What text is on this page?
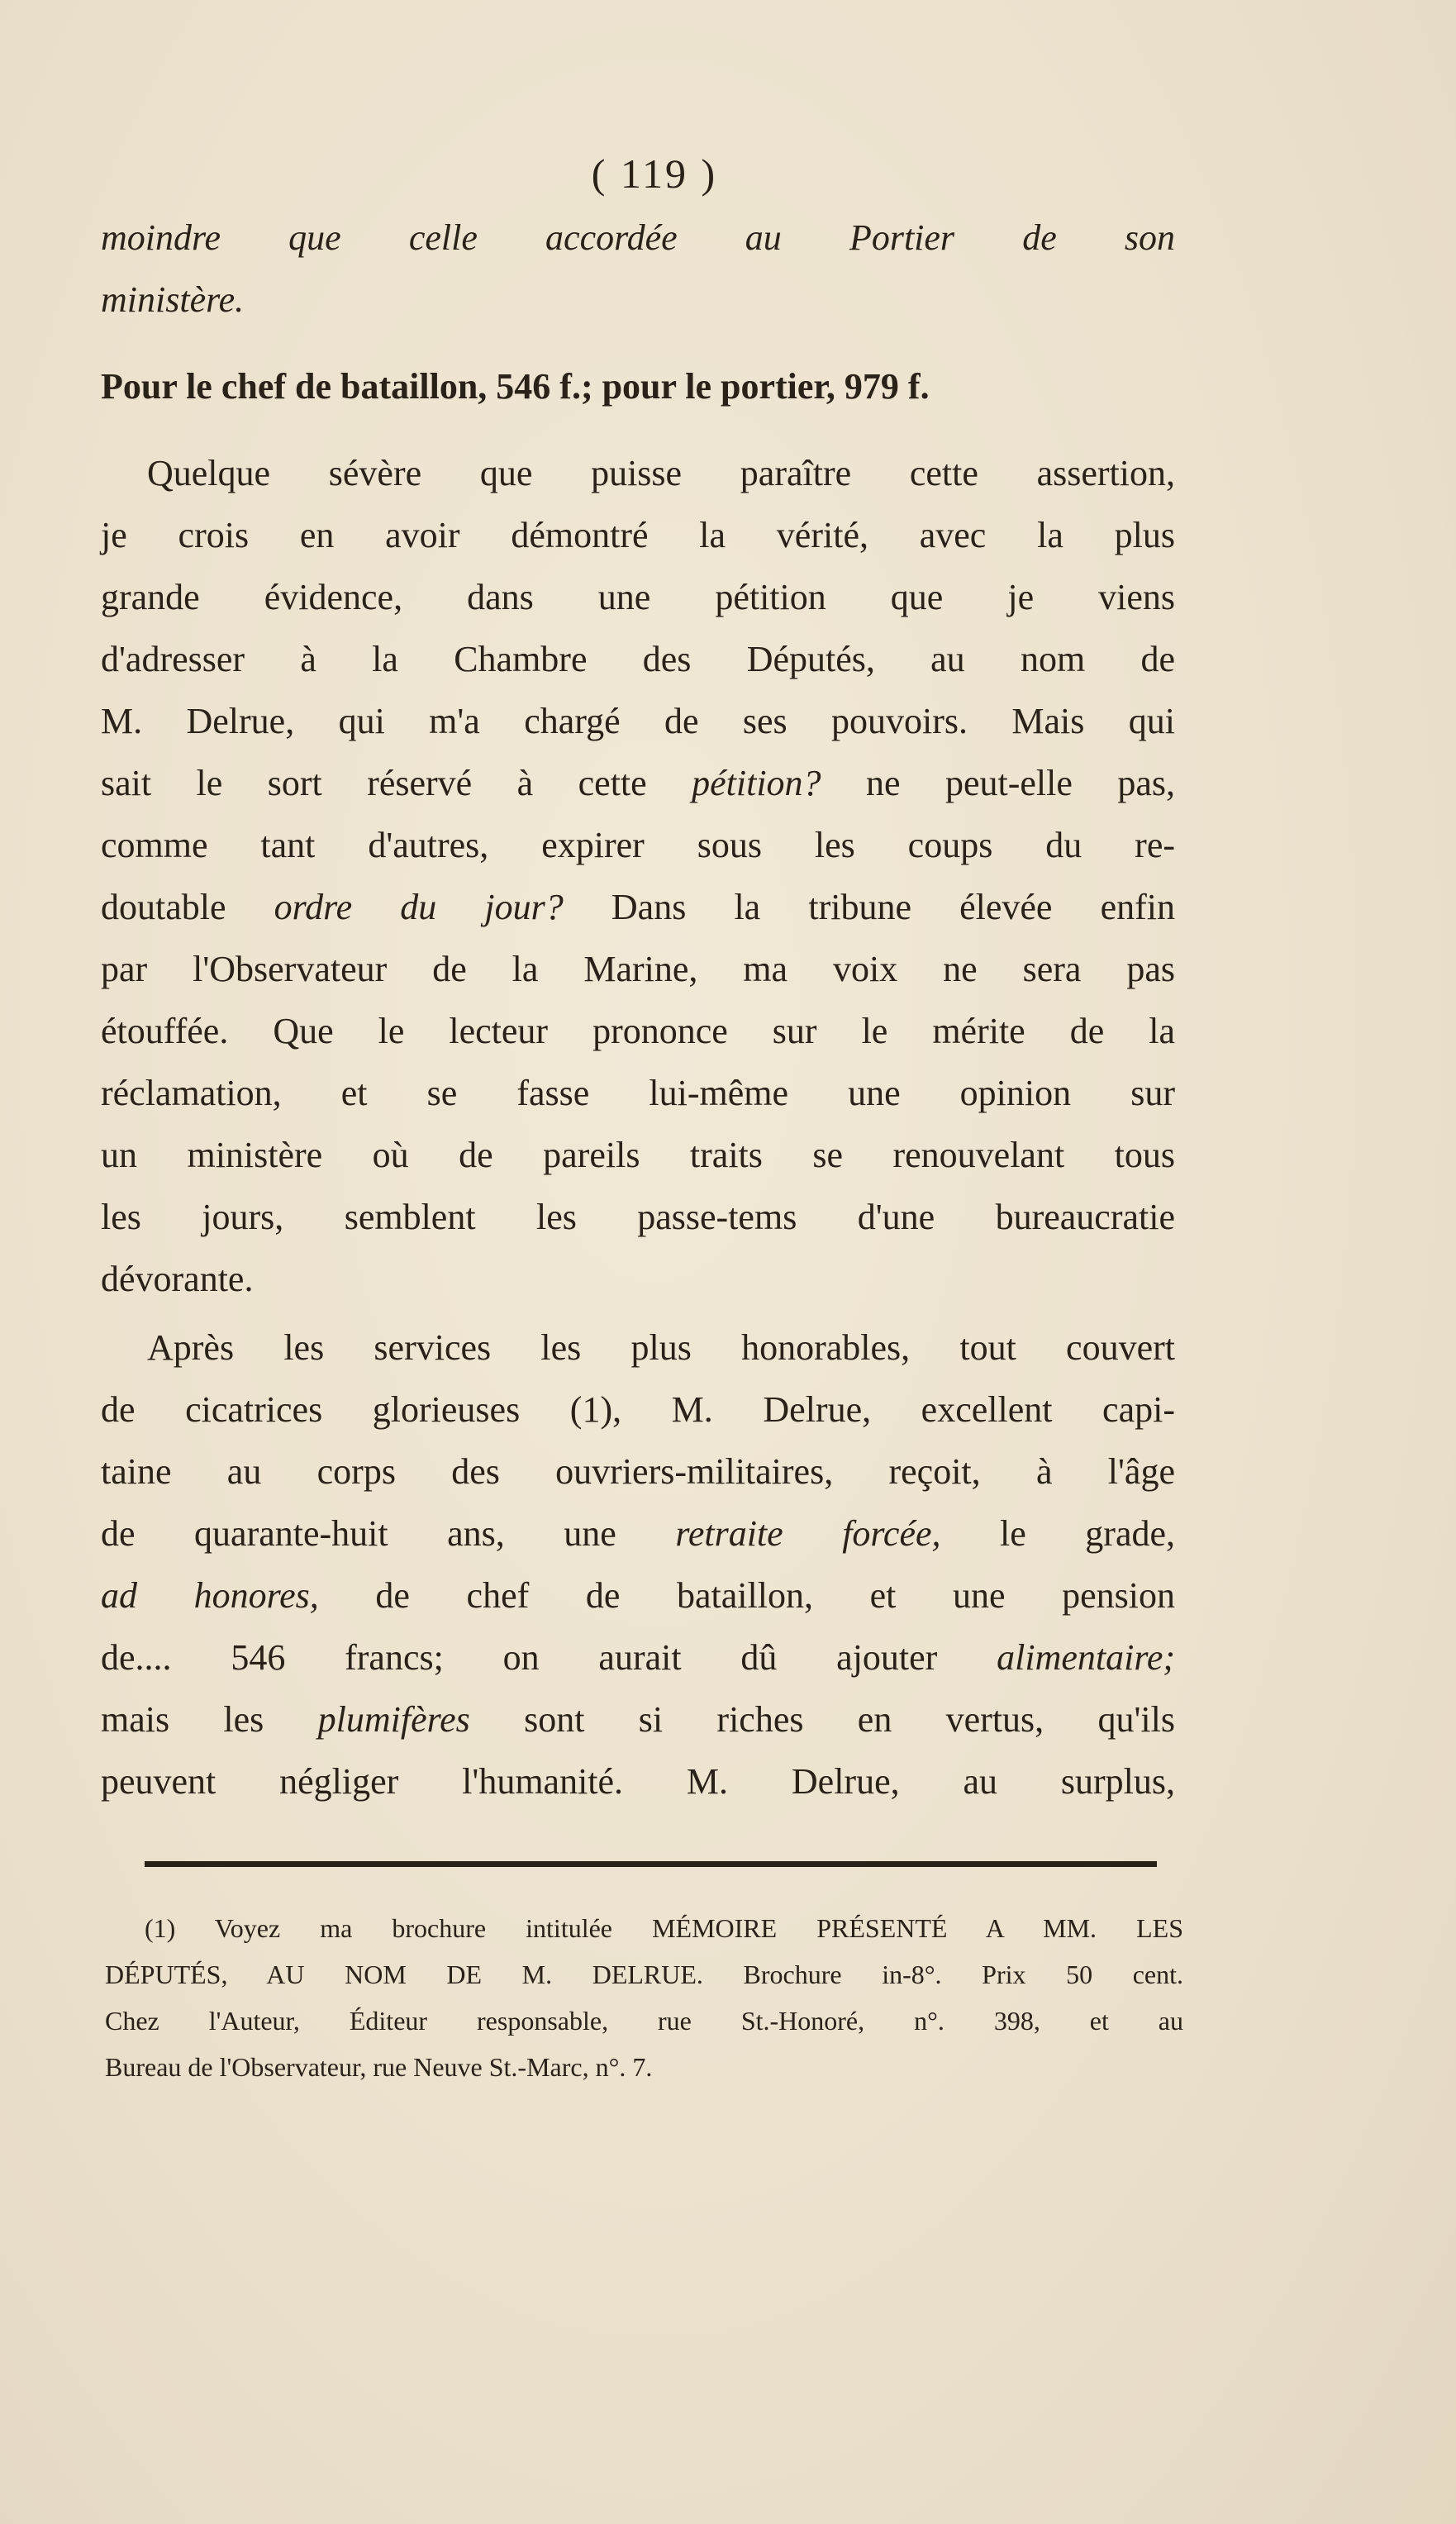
( 119 )
moindre que celle accordée au Portier de son
ministère.
Pour le chef de bataillon, 546 f.; pour le portier, 979 f.
Quelque sévère que puisse paraître cette assertion,
je crois en avoir démontré la vérité, avec la plus
grande évidence, dans une pétition que je viens
d'adresser à la Chambre des Députés, au nom de
M. Delrue, qui m'a chargé de ses pouvoirs. Mais qui
sait le sort réservé à cette pétition? ne peut-elle pas,
comme tant d'autres, expirer sous les coups du re-
doutable ordre du jour? Dans la tribune élevée enfin
par l'Observateur de la Marine, ma voix ne sera pas
étouffée. Que le lecteur prononce sur le mérite de la
réclamation, et se fasse lui-même une opinion sur
un ministère où de pareils traits se renouvelant tous
les jours, semblent les passe-tems d'une bureaucratie
dévorante.
Après les services les plus honorables, tout couvert
de cicatrices glorieuses (1), M. Delrue, excellent capi-
taine au corps des ouvriers-militaires, reçoit, à l'âge
de quarante-huit ans, une retraite forcée, le grade,
ad honores, de chef de bataillon, et une pension
de.... 546 francs; on aurait dû ajouter alimentaire;
mais les plumifères sont si riches en vertus, qu'ils
peuvent négliger l'humanité. M. Delrue, au surplus,
(1) Voyez ma brochure intitulée MÉMOIRE PRÉSENTÉ A MM. LES
DÉPUTÉS, AU NOM DE M. DELRUE. Brochure in-8°. Prix 50 cent.
Chez l'Auteur, Éditeur responsable, rue St.-Honoré, n°. 398, et au
Bureau de l'Observateur, rue Neuve St.-Marc, n°. 7.
